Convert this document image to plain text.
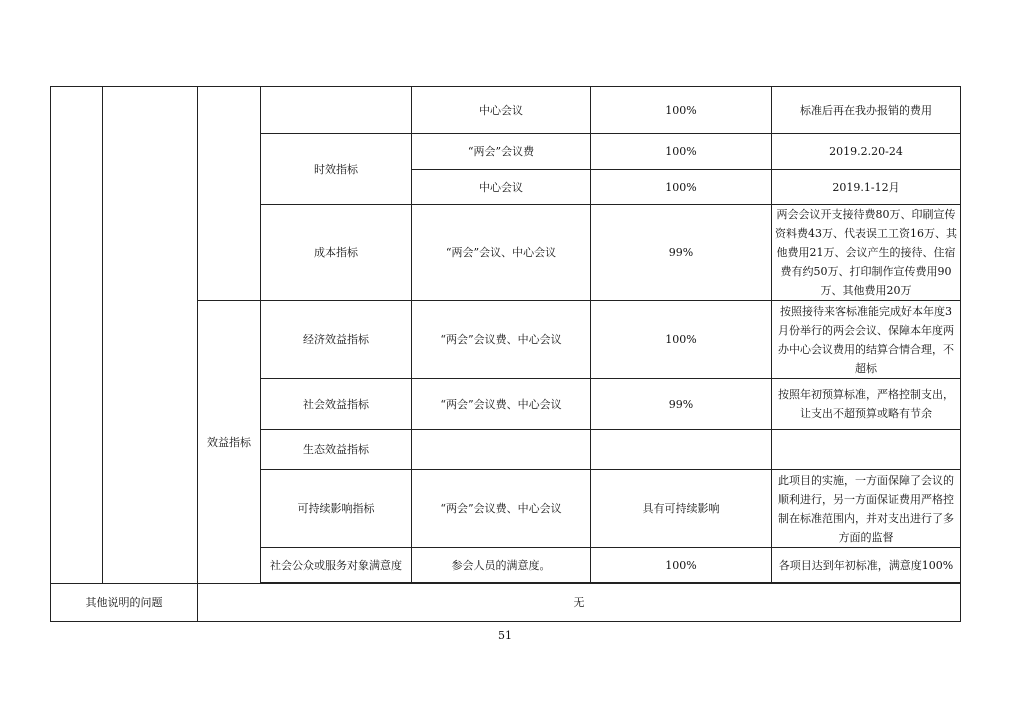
				中心会议	100%	标准后再在我办报销的费用
			时效指标	“两会”会议费	100%	2019.2.20-24
				中心会议	100%	2019.1-12月
			成本指标	“两会”会议、中心会议	99%	两会会议开支接待费80万、印刷宣传资料费43万、代表误工工资16万、其他费用21万、会议产生的接待、住宿费有约50万、打印制作宣传费用90万、其他费用20万
		效益指标	经济效益指标	“两会”会议费、中心会议	100%	按照接待来客标准能完成好本年度3月份举行的两会会议、保障本年度两办中心会议费用的结算合情合理，不超标
			社会效益指标	“两会”会议费、中心会议	99%	按照年初预算标准，严格控制支出，让支出不超预算或略有节余
			生态效益指标			
			可持续影响指标	“两会”会议费、中心会议	具有可持续影响	此项目的实施，一方面保障了会议的顺利进行，另一方面保证费用严格控制在标准范围内，并对支出进行了多方面的监督
			社会公众或服务对象满意度	参会人员的满意度。	100%	各项目达到年初标准，满意度100%

其他说明的问题		无				
51
